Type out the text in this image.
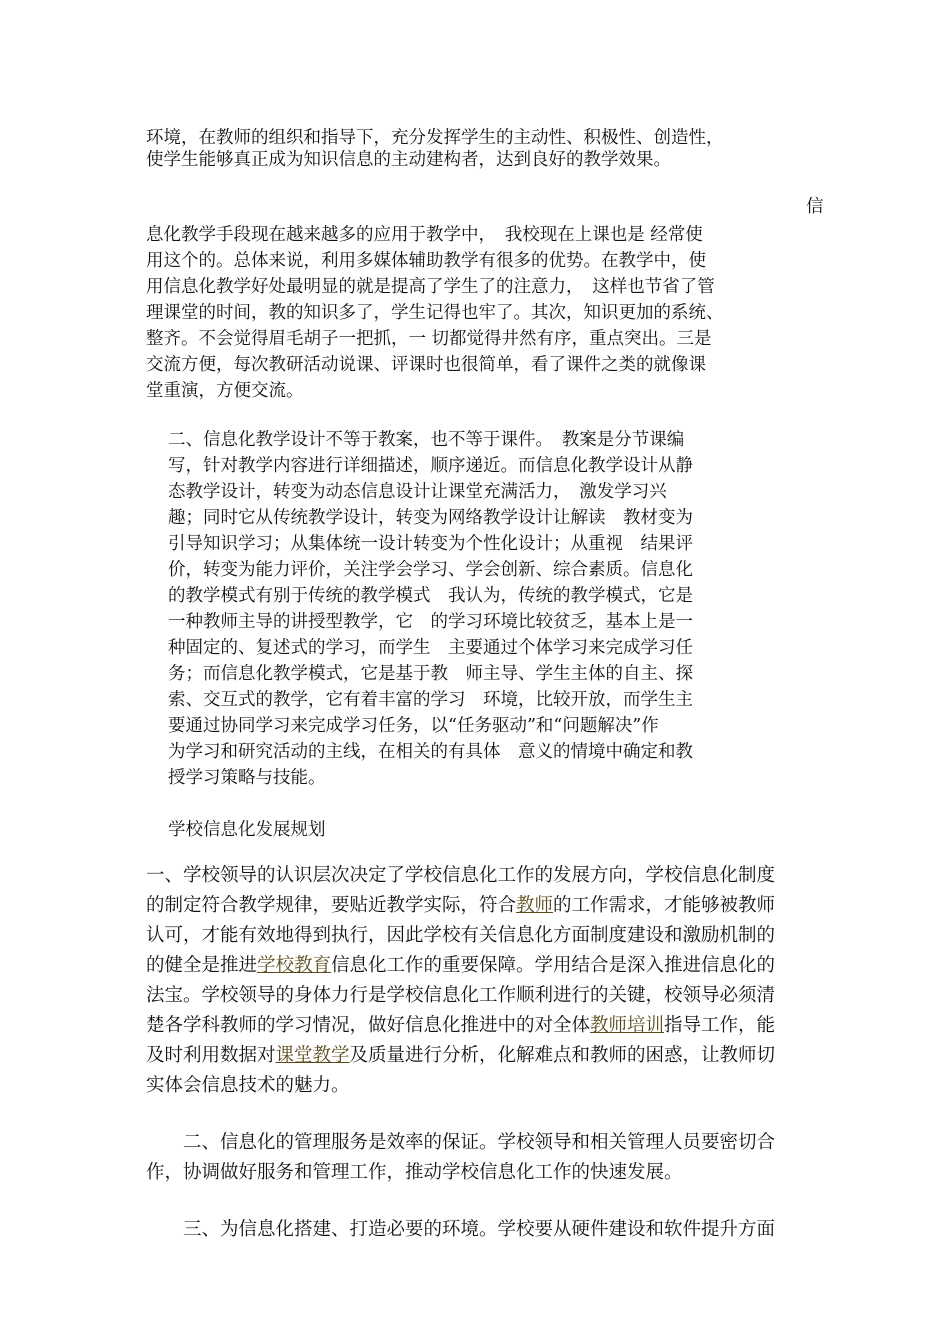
环境，在教师的组织和指导下，充分发挥学生的主动性、积极性、创造性，
使学生能够真正成为知识信息的主动建构者，达到良好的教学效果。
信
息化教学手段现在越来越多的应用于教学中，　我校现在上课也是 经常使
用这个的。总体来说，利用多媒体辅助教学有很多的优势。在教学中，使
用信息化教学好处最明显的就是提高了学生了的注意力，　这样也节省了管
理课堂的时间，教的知识多了，学生记得也牢了。其次，知识更加的系统、
整齐。不会觉得眉毛胡子一把抓，一 切都觉得井然有序，重点突出。三是
交流方便，每次教研活动说课、评课时也很简单，看了课件之类的就像课
堂重演，方便交流。
二、信息化教学设计不等于教案，也不等于课件。　教案是分节课编
写，针对教学内容进行详细描述，顺序递近。而信息化教学设计从静
态教学设计，转变为动态信息设计让课堂充满活力，　激发学习兴
趣；同时它从传统教学设计，转变为网络教学设计让解读　教材变为
引导知识学习；从集体统一设计转变为个性化设计；从重视　结果评
价，转变为能力评价，关注学会学习、学会创新、综合素质。信息化
的教学模式有别于传统的教学模式　我认为，传统的教学模式，它是
一种教师主导的讲授型教学，它　的学习环境比较贫乏，基本上是一
种固定的、复述式的学习，而学生　主要通过个体学习来完成学习任
务；而信息化教学模式，它是基于教　师主导、学生主体的自主、探
索、交互式的教学，它有着丰富的学习　环境，比较开放，而学生主
要通过协同学习来完成学习任务，以“任务驱动”和“问题解决”作
为学习和研究活动的主线，在相关的有具体　意义的情境中确定和教
授学习策略与技能。
学校信息化发展规划
一、学校领导的认识层次决定了学校信息化工作的发展方向，学校信息化制度
的制定符合教学规律，要贴近教学实际，符合教师的工作需求，才能够被教师
认可，才能有效地得到执行，因此学校有关信息化方面制度建设和激励机制的
的健全是推进学校教育信息化工作的重要保障。学用结合是深入推进信息化的
法宝。学校领导的身体力行是学校信息化工作顺利进行的关键，校领导必须清
楚各学科教师的学习情况，做好信息化推进中的对全体教师培训指导工作，能
及时利用数据对课堂教学及质量进行分析，化解难点和教师的困惑，让教师切
实体会信息技术的魅力。
　　二、信息化的管理服务是效率的保证。学校领导和相关管理人员要密切合
作，协调做好服务和管理工作，推动学校信息化工作的快速发展。
　　三、为信息化搭建、打造必要的环境。学校要从硬件建设和软件提升方面
